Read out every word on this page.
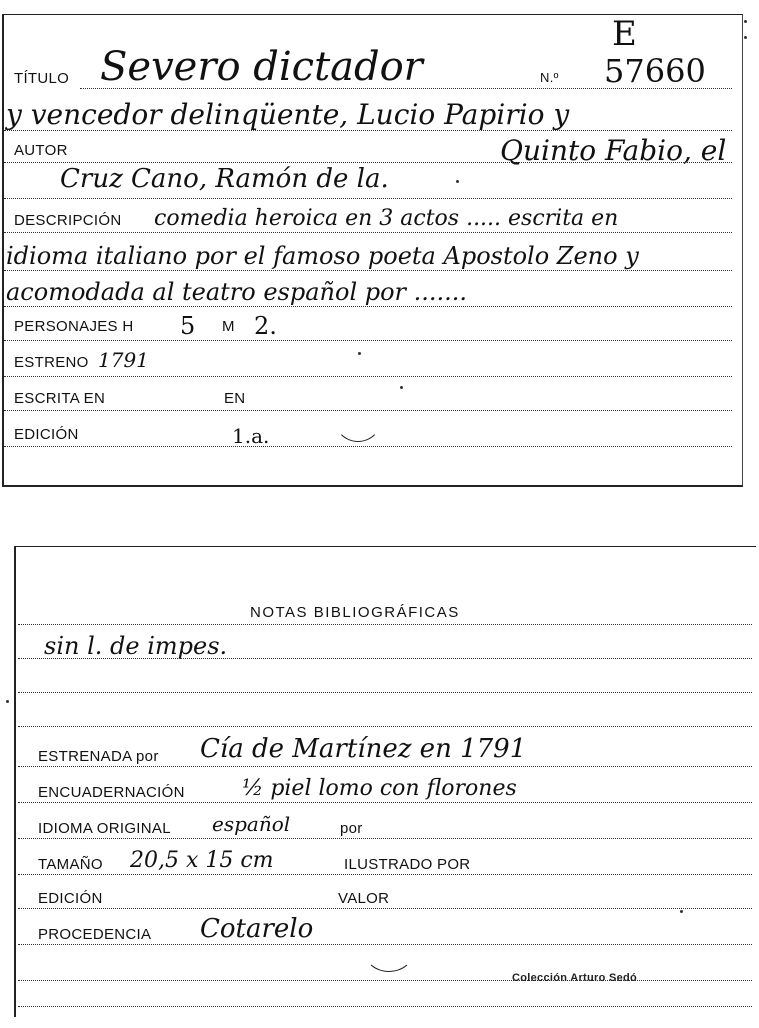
E
TÍTULO Severo dictador	N.º 57660
y vencedor delinqüente, Lucio Papirio y
AUTOR	Quinto Fabio, el
Cruz Cano, Ramón de la.
DESCRIPCIÓN comedia heroica en 3 actos ..... escrita en
idioma italiano por el famoso poeta Apostolo Zeno y
acomodada al teatro español por .......
PERSONAJES H 5 M 2.
ESTRENO 1791
ESCRITA EN	EN
EDICIÓN	1.a.
NOTAS BIBLIOGRÁFICAS
sin l. de impes.
ESTRENADA por Cía de Martínez en 1791
ENCUADERNACIÓN	½ piel lomo con florones
IDIOMA ORIGINAL español	por
TAMAÑO 20,5 x 15 cm	ILUSTRADO POR
EDICIÓN	VALOR
PROCEDENCIA Cotarelo
Colección Arturo Sedó
